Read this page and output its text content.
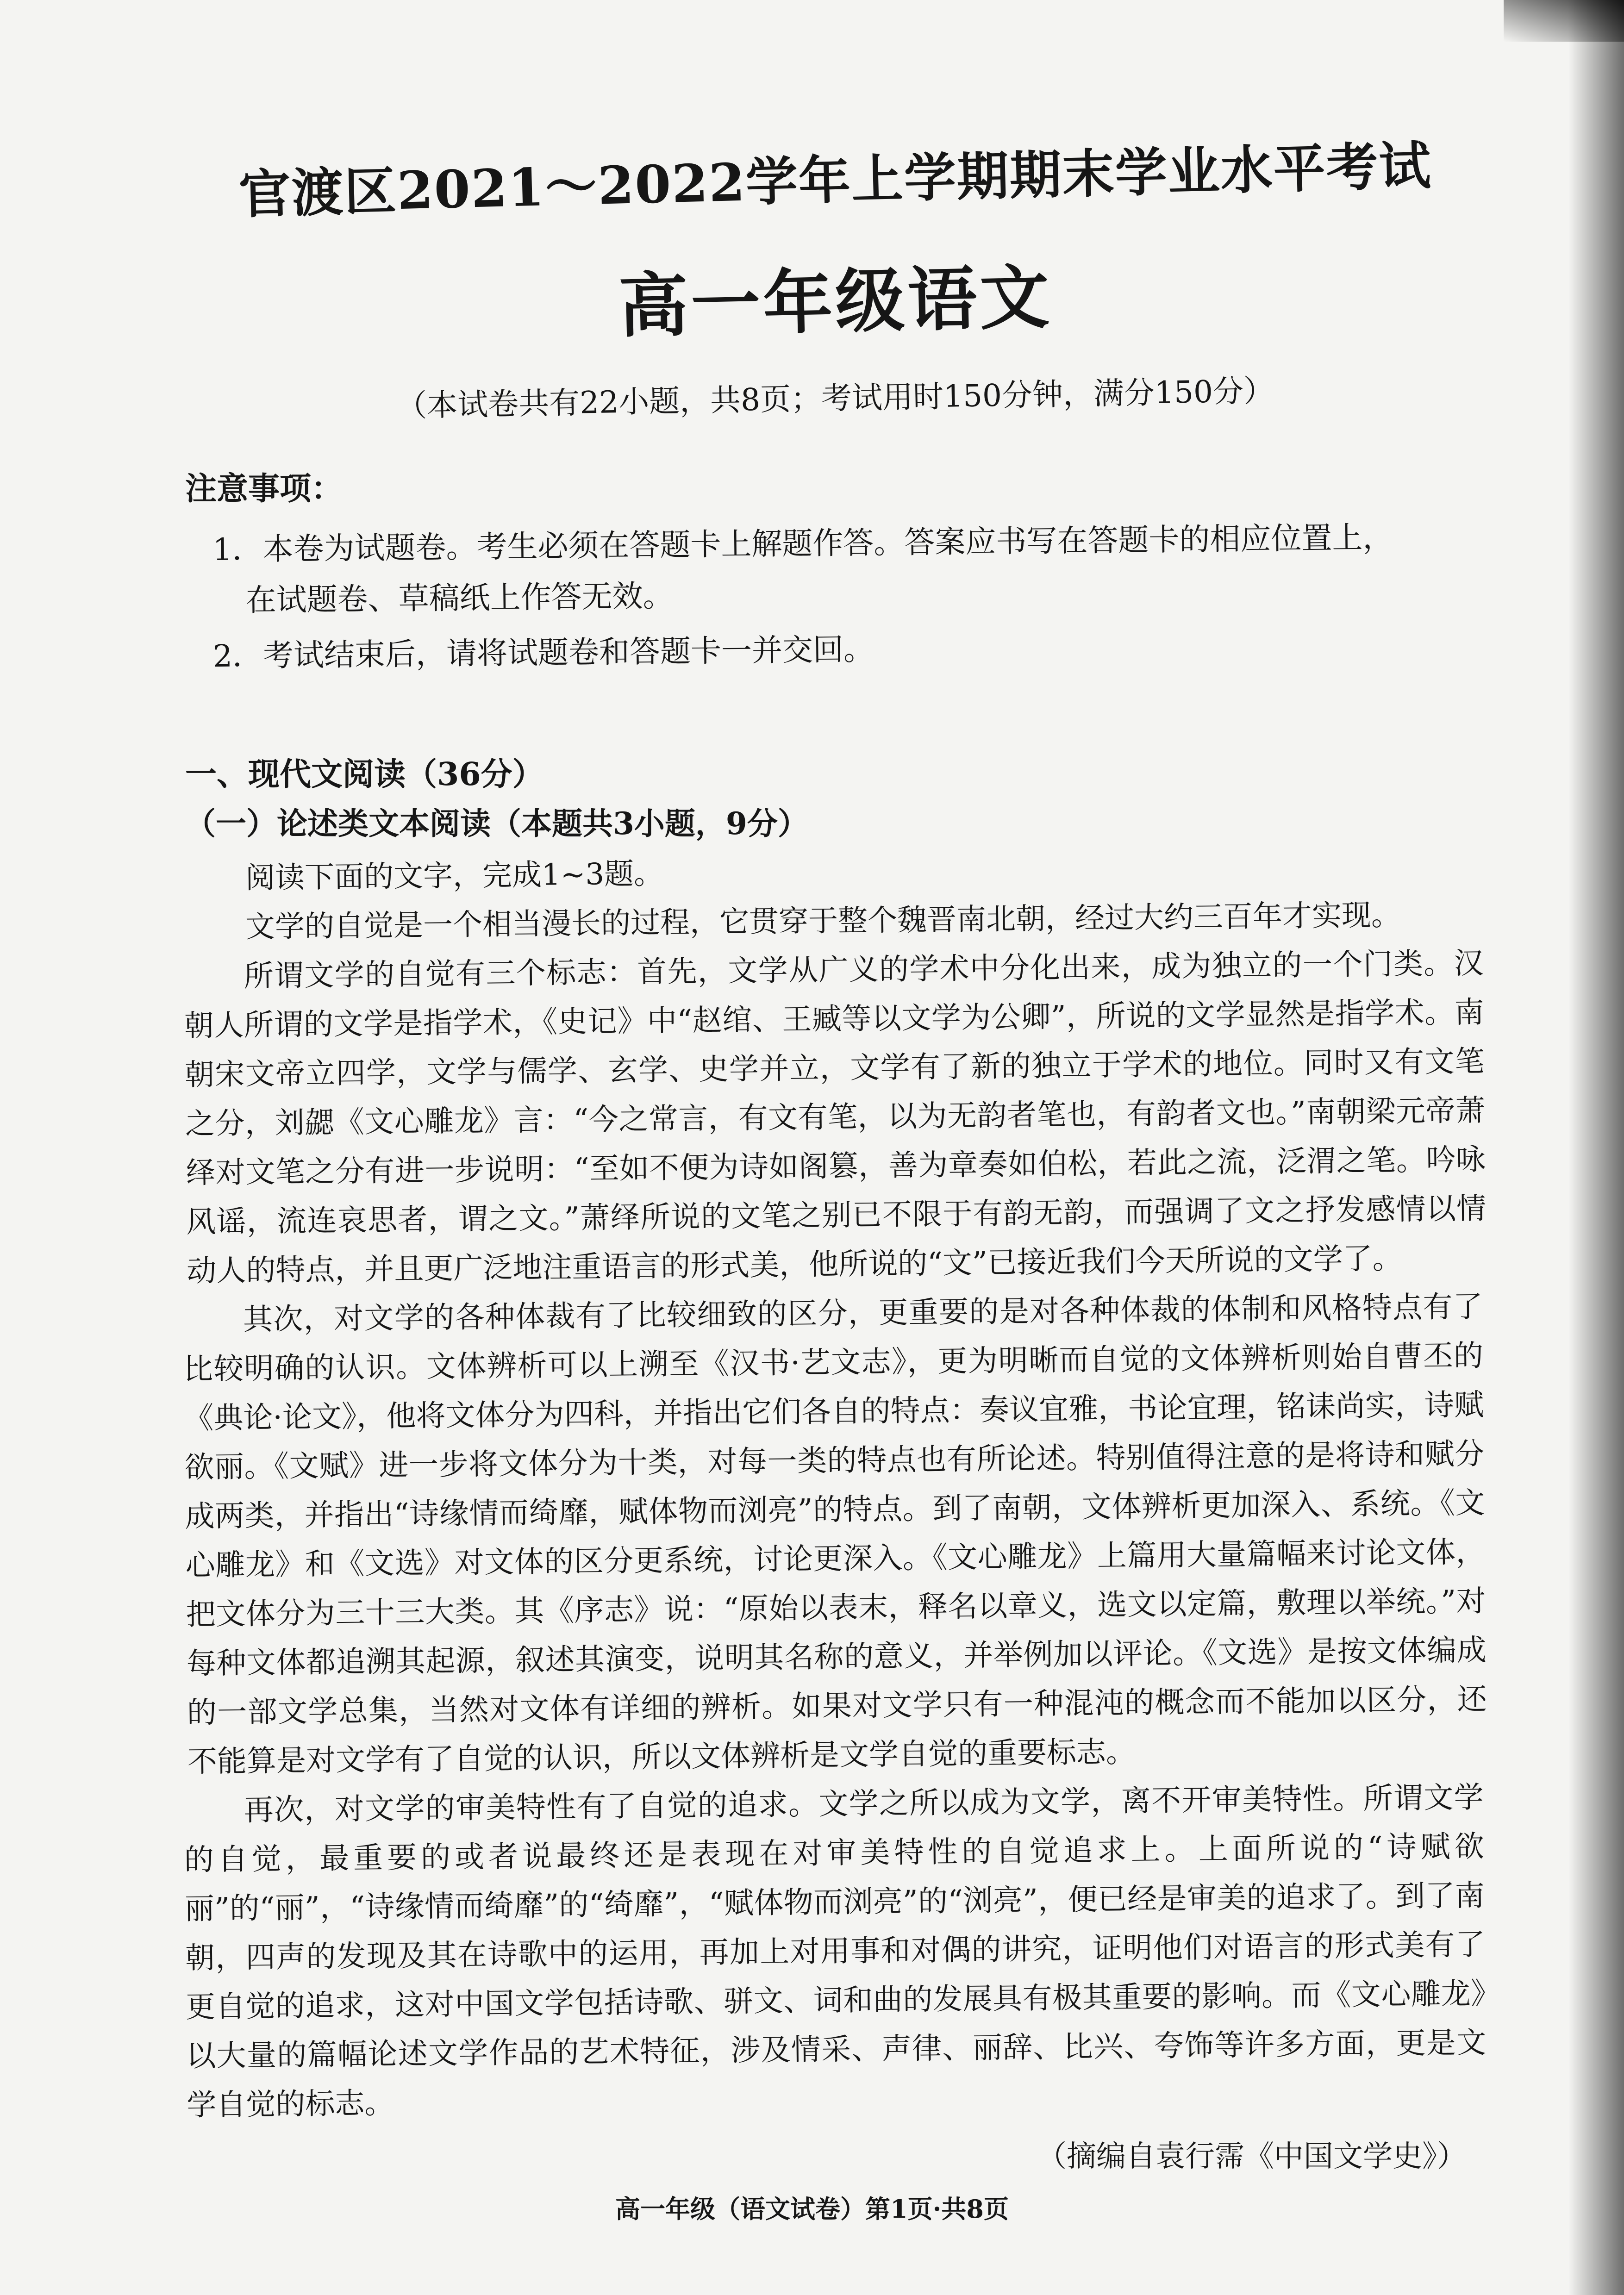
官渡区2021～2022学年上学期期末学业水平考试
高一年级语文
（本试卷共有22小题，共8页；考试用时150分钟，满分150分）
注意事项：

1．本卷为试题卷。考生必须在答题卡上解题作答。答案应书写在答题卡的相应位置上，
在试题卷、草稿纸上作答无效。

2．考试结束后，请将试题卷和答题卡一并交回。

一、现代文阅读（36分）
（一）论述类文本阅读（本题共3小题，9分）

阅读下面的文字，完成1~3题。

文学的自觉是一个相当漫长的过程，它贯穿于整个魏晋南北朝，经过大约三百年才实现。

所谓文学的自觉有三个标志：首先，文学从广义的学术中分化出来，成为独立的一个门类。汉朝人所谓的文学是指学术，《史记》中“赵绾、王臧等以文学为公卿”，所说的文学显然是指学术。南朝宋文帝立四学，文学与儒学、玄学、史学并立，文学有了新的独立于学术的地位。同时又有文笔之分，刘勰《文心雕龙》言：“今之常言，有文有笔，以为无韵者笔也，有韵者文也。”南朝梁元帝萧绎对文笔之分有进一步说明：“至如不便为诗如阁篡，善为章奏如伯松，若此之流，泛渭之笔。吟咏风谣，流连哀思者，谓之文。”萧绎所说的文笔之别已不限于有韵无韵，而强调了文之抒发感情以情动人的特点，并且更广泛地注重语言的形式美，他所说的“文”已接近我们今天所说的文学了。

其次，对文学的各种体裁有了比较细致的区分，更重要的是对各种体裁的体制和风格特点有了比较明确的认识。文体辨析可以上溯至《汉书·艺文志》，更为明晰而自觉的文体辨析则始自曹丕的《典论·论文》，他将文体分为四科，并指出它们各自的特点：奏议宜雅，书论宜理，铭诔尚实，诗赋欲丽。《文赋》进一步将文体分为十类，对每一类的特点也有所论述。特别值得注意的是将诗和赋分成两类，并指出“诗缘情而绮靡，赋体物而浏亮”的特点。到了南朝，文体辨析更加深入、系统。《文心雕龙》和《文选》对文体的区分更系统，讨论更深入。《文心雕龙》上篇用大量篇幅来讨论文体，把文体分为三十三大类。其《序志》说：“原始以表末，释名以章义，选文以定篇，敷理以举统。”对每种文体都追溯其起源，叙述其演变，说明其名称的意义，并举例加以评论。《文选》是按文体编成的一部文学总集，当然对文体有详细的辨析。如果对文学只有一种混沌的概念而不能加以区分，还不能算是对文学有了自觉的认识，所以文体辨析是文学自觉的重要标志。

再次，对文学的审美特性有了自觉的追求。文学之所以成为文学，离不开审美特性。所谓文学的自觉，最重要的或者说最终还是表现在对审美特性的自觉追求上。上面所说的“诗赋欲丽”的“丽”，“诗缘情而绮靡”的“绮靡”，“赋体物而浏亮”的“浏亮”，便已经是审美的追求了。到了南朝，四声的发现及其在诗歌中的运用，再加上对用事和对偶的讲究，证明他们对语言的形式美有了更自觉的追求，这对中国文学包括诗歌、骈文、词和曲的发展具有极其重要的影响。而《文心雕龙》以大量的篇幅论述文学作品的艺术特征，涉及情采、声律、丽辞、比兴、夸饰等许多方面，更是文学自觉的标志。

（摘编自袁行霈《中国文学史》）
高一年级（语文试卷）第1页·共8页
